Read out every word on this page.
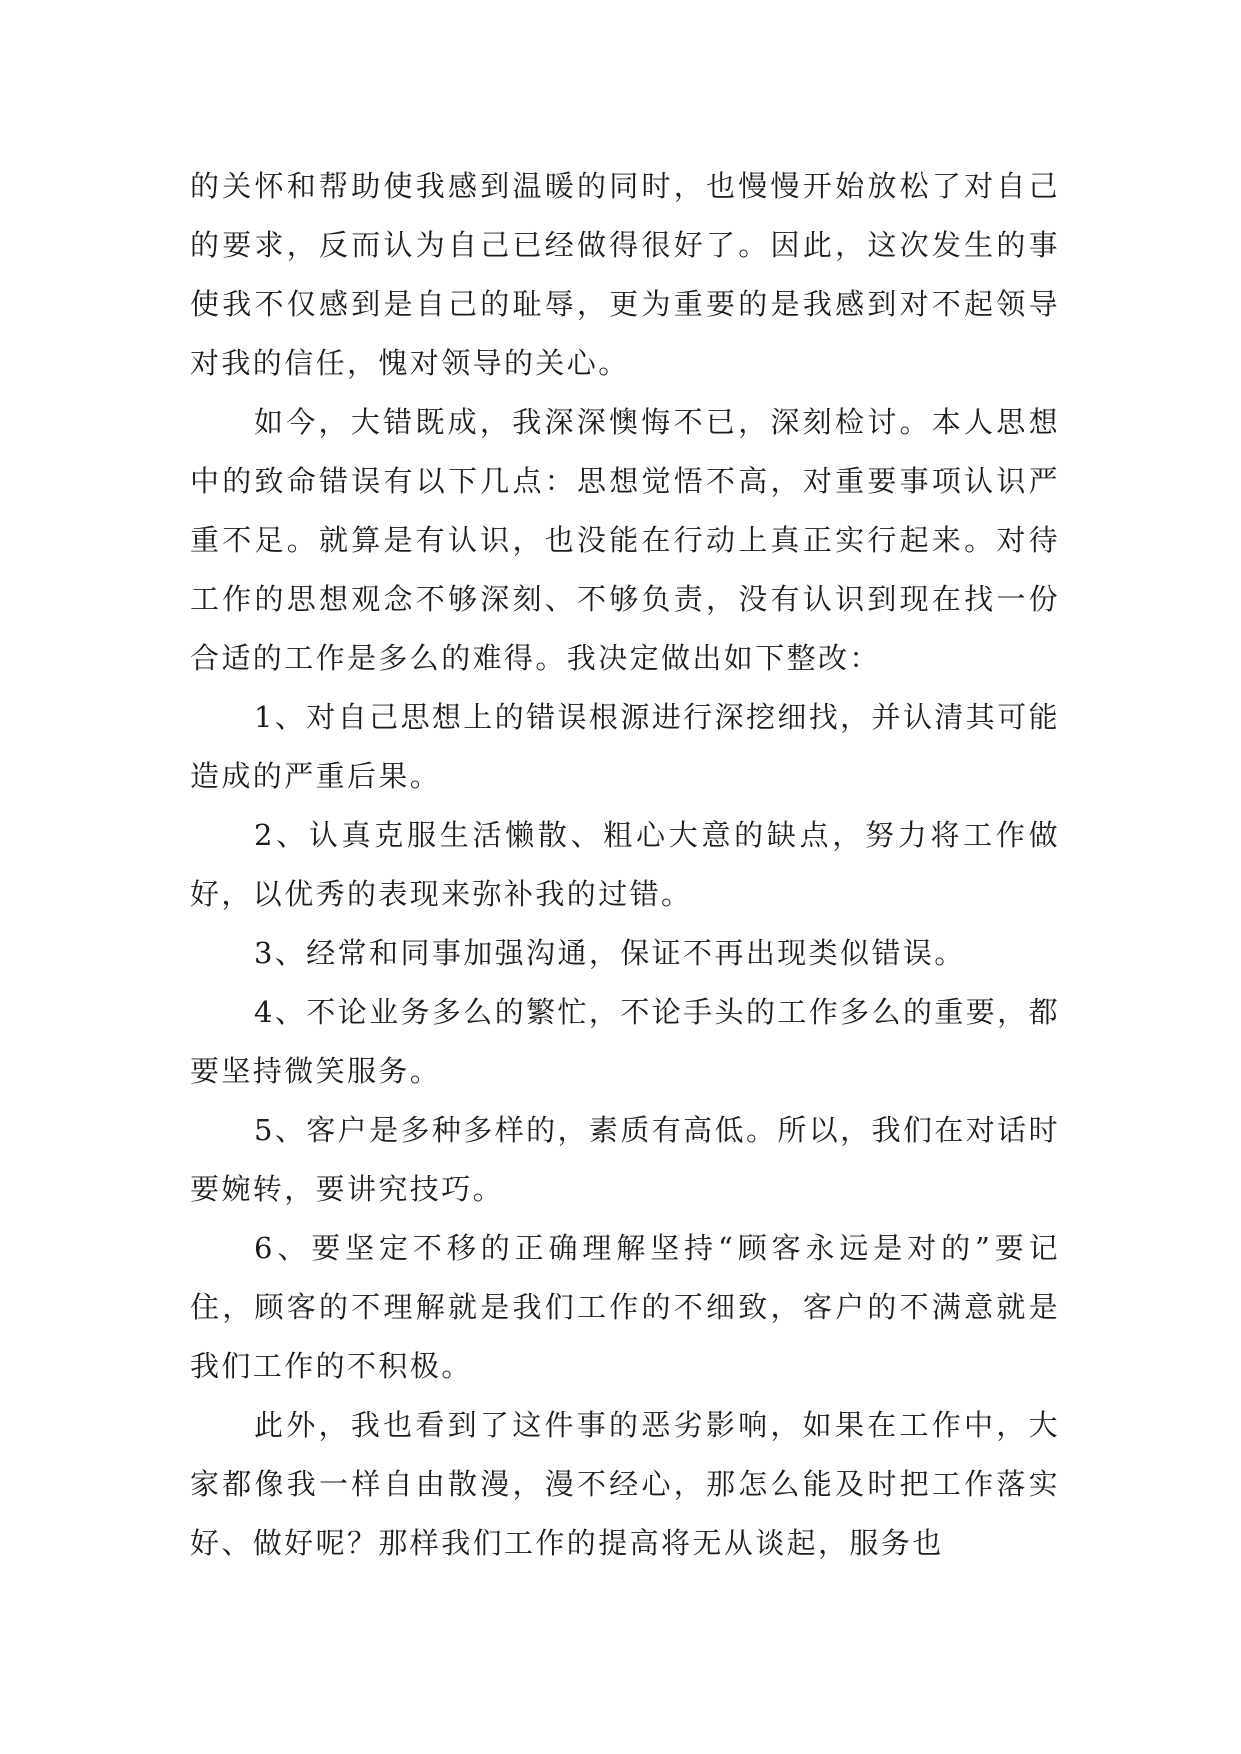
的关怀和帮助使我感到温暖的同时，也慢慢开始放松了对自己的要求，反而认为自己已经做得很好了。因此，这次发生的事使我不仅感到是自己的耻辱，更为重要的是我感到对不起领导对我的信任，愧对领导的关心。

如今，大错既成，我深深懊悔不已，深刻检讨。本人思想中的致命错误有以下几点：思想觉悟不高，对重要事项认识严重不足。就算是有认识，也没能在行动上真正实行起来。对待工作的思想观念不够深刻、不够负责，没有认识到现在找一份合适的工作是多么的难得。我决定做出如下整改：

1、对自己思想上的错误根源进行深挖细找，并认清其可能造成的严重后果。

2、认真克服生活懒散、粗心大意的缺点，努力将工作做好，以优秀的表现来弥补我的过错。

3、经常和同事加强沟通，保证不再出现类似错误。

4、不论业务多么的繁忙，不论手头的工作多么的重要，都要坚持微笑服务。

5、客户是多种多样的，素质有高低。所以，我们在对话时要婉转，要讲究技巧。

6、要坚定不移的正确理解坚持“顾客永远是对的”要记住，顾客的不理解就是我们工作的不细致，客户的不满意就是我们工作的不积极。

此外，我也看到了这件事的恶劣影响，如果在工作中，大家都像我一样自由散漫，漫不经心，那怎么能及时把工作落实好、做好呢？那样我们工作的提高将无从谈起，服务也
